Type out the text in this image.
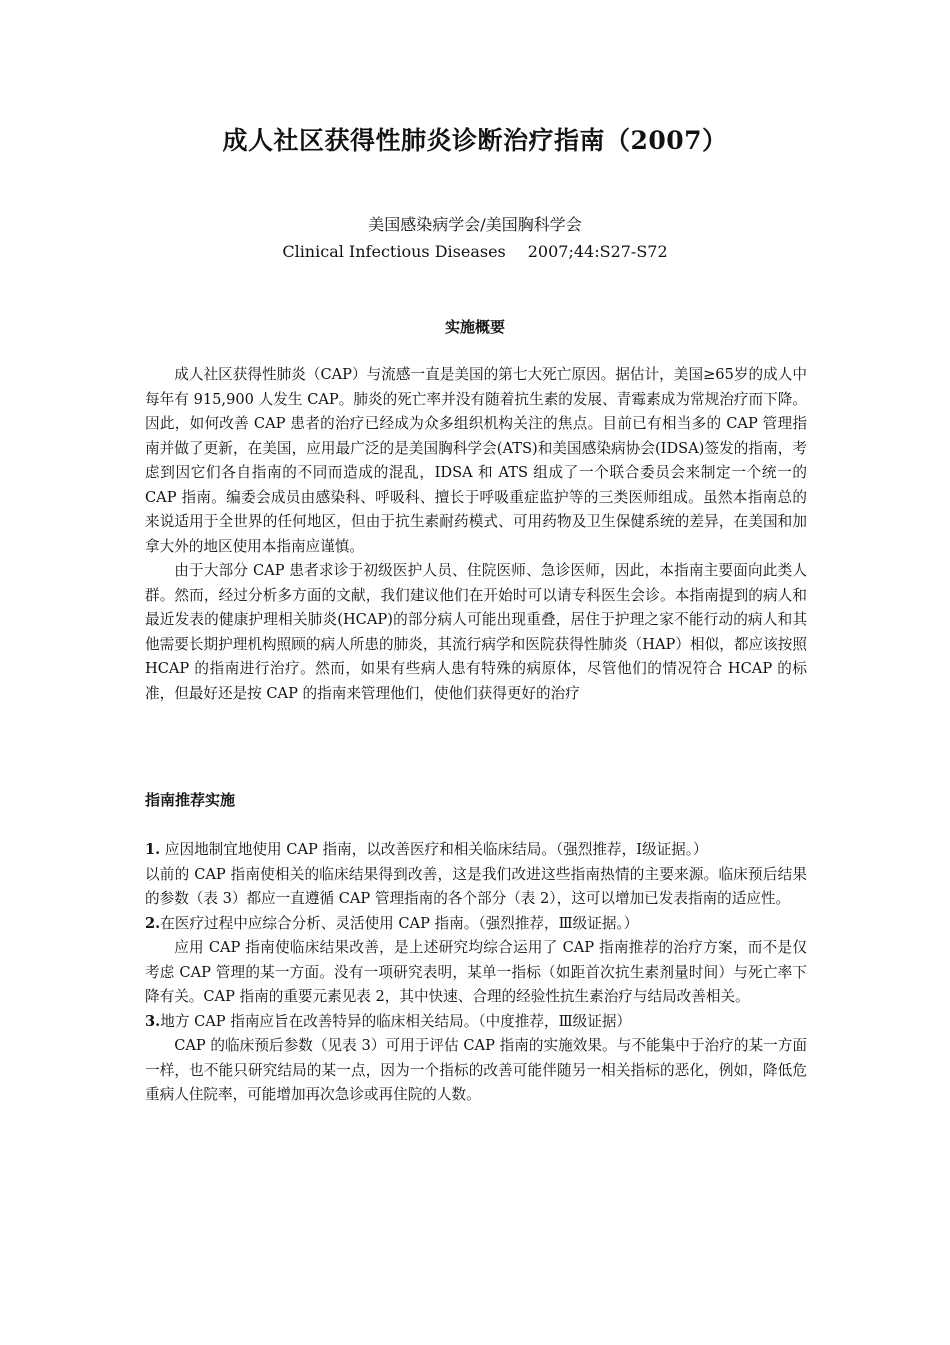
成人社区获得性肺炎诊断治疗指南（2007）
美国感染病学会/美国胸科学会
Clinical Infectious Diseases 2007;44:S27-S72
实施概要

成人社区获得性肺炎（CAP）与流感一直是美国的第七大死亡原因。据估计，美国≥65岁的成人中每年有 915,900 人发生 CAP。肺炎的死亡率并没有随着抗生素的发展、青霉素成为常规治疗而下降。因此，如何改善 CAP 患者的治疗已经成为众多组织机构关注的焦点。目前已有相当多的 CAP 管理指南并做了更新，在美国，应用最广泛的是美国胸科学会(ATS)和美国感染病协会(IDSA)签发的指南，考虑到因它们各自指南的不同而造成的混乱，IDSA 和 ATS 组成了一个联合委员会来制定一个统一的 CAP 指南。编委会成员由感染科、呼吸科、擅长于呼吸重症监护等的三类医师组成。虽然本指南总的来说适用于全世界的任何地区，但由于抗生素耐药模式、可用药物及卫生保健系统的差异，在美国和加拿大外的地区使用本指南应谨慎。

由于大部分 CAP 患者求诊于初级医护人员、住院医师、急诊医师，因此，本指南主要面向此类人群。然而，经过分析多方面的文献，我们建议他们在开始时可以请专科医生会诊。本指南提到的病人和最近发表的健康护理相关肺炎(HCAP)的部分病人可能出现重叠，居住于护理之家不能行动的病人和其他需要长期护理机构照顾的病人所患的肺炎，其流行病学和医院获得性肺炎（HAP）相似，都应该按照 HCAP 的指南进行治疗。然而，如果有些病人患有特殊的病原体，尽管他们的情况符合 HCAP 的标准，但最好还是按 CAP 的指南来管理他们，使他们获得更好的治疗

指南推荐实施

1. 应因地制宜地使用 CAP 指南，以改善医疗和相关临床结局。（强烈推荐，Ⅰ级证据。）

以前的 CAP 指南使相关的临床结果得到改善，这是我们改进这些指南热情的主要来源。临床预后结果的参数（表 3）都应一直遵循 CAP 管理指南的各个部分（表 2），这可以增加已发表指南的适应性。

2.在医疗过程中应综合分析、灵活使用 CAP 指南。（强烈推荐，Ⅲ级证据。）

应用 CAP 指南使临床结果改善，是上述研究均综合运用了 CAP 指南推荐的治疗方案，而不是仅考虑 CAP 管理的某一方面。没有一项研究表明，某单一指标（如距首次抗生素剂量时间）与死亡率下降有关。CAP 指南的重要元素见表 2，其中快速、合理的经验性抗生素治疗与结局改善相关。

3.地方 CAP 指南应旨在改善特异的临床相关结局。（中度推荐，Ⅲ级证据）

CAP 的临床预后参数（见表 3）可用于评估 CAP 指南的实施效果。与不能集中于治疗的某一方面一样，也不能只研究结局的某一点，因为一个指标的改善可能伴随另一相关指标的恶化，例如，降低危重病人住院率，可能增加再次急诊或再住院的人数。
